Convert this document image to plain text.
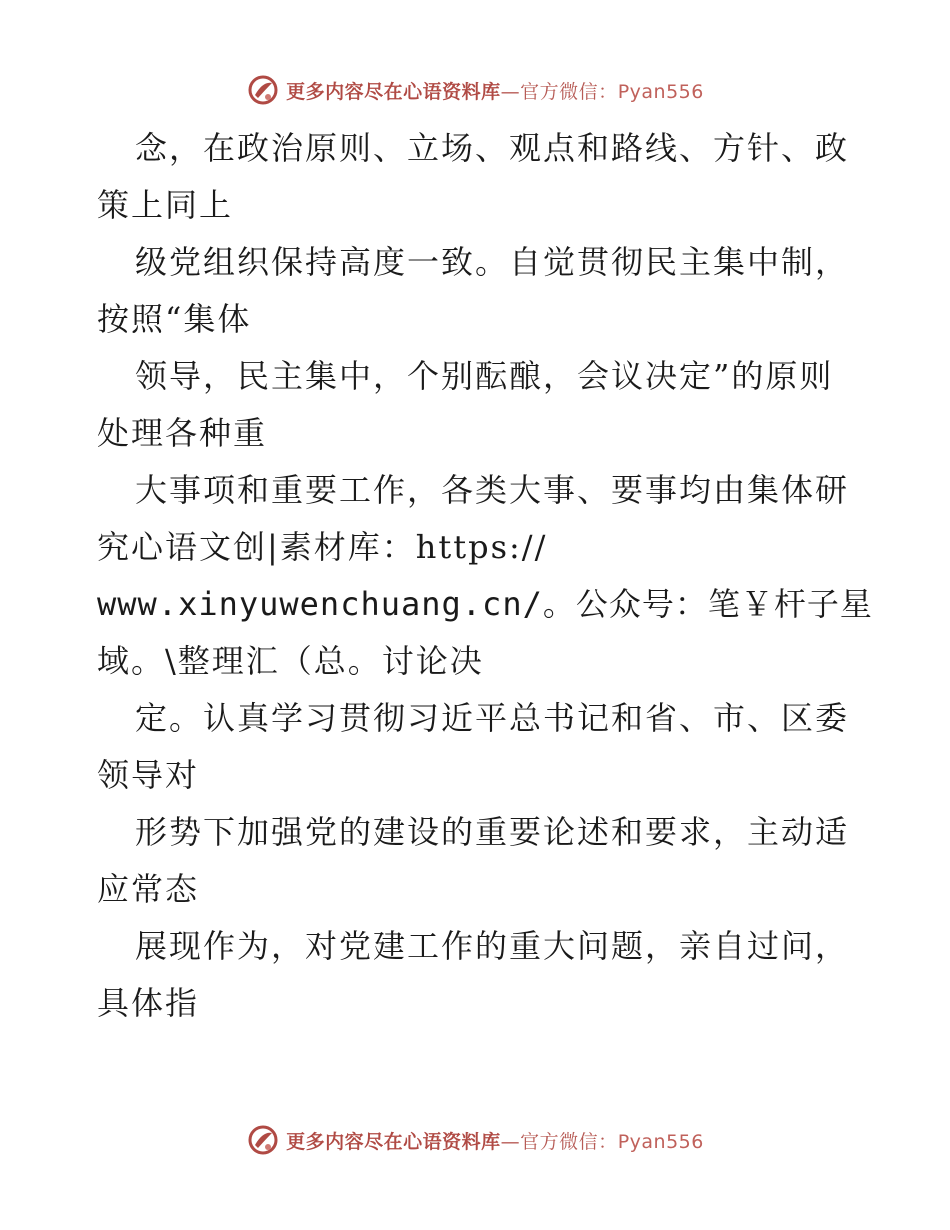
更多内容尽在心语资料库—官方微信：Pyan556
念，在政治原则、立场、观点和路线、方针、政
策上同上
级党组织保持高度一致。自觉贯彻民主集中制，
按照“集体
领导，民主集中，个别酝酿，会议决定”的原则
处理各种重
大事项和重要工作，各类大事、要事均由集体研
究心语文创|素材库：https://
www.xinyuwenchuang.cn/。公众号：笔￥杆子星
域。\整理汇（总。讨论决
定。认真学习贯彻习近平总书记和省、市、区委
领导对
形势下加强党的建设的重要论述和要求，主动适
应常态
展现作为，对党建工作的重大问题，亲自过问，
具体指
更多内容尽在心语资料库—官方微信：Pyan556
